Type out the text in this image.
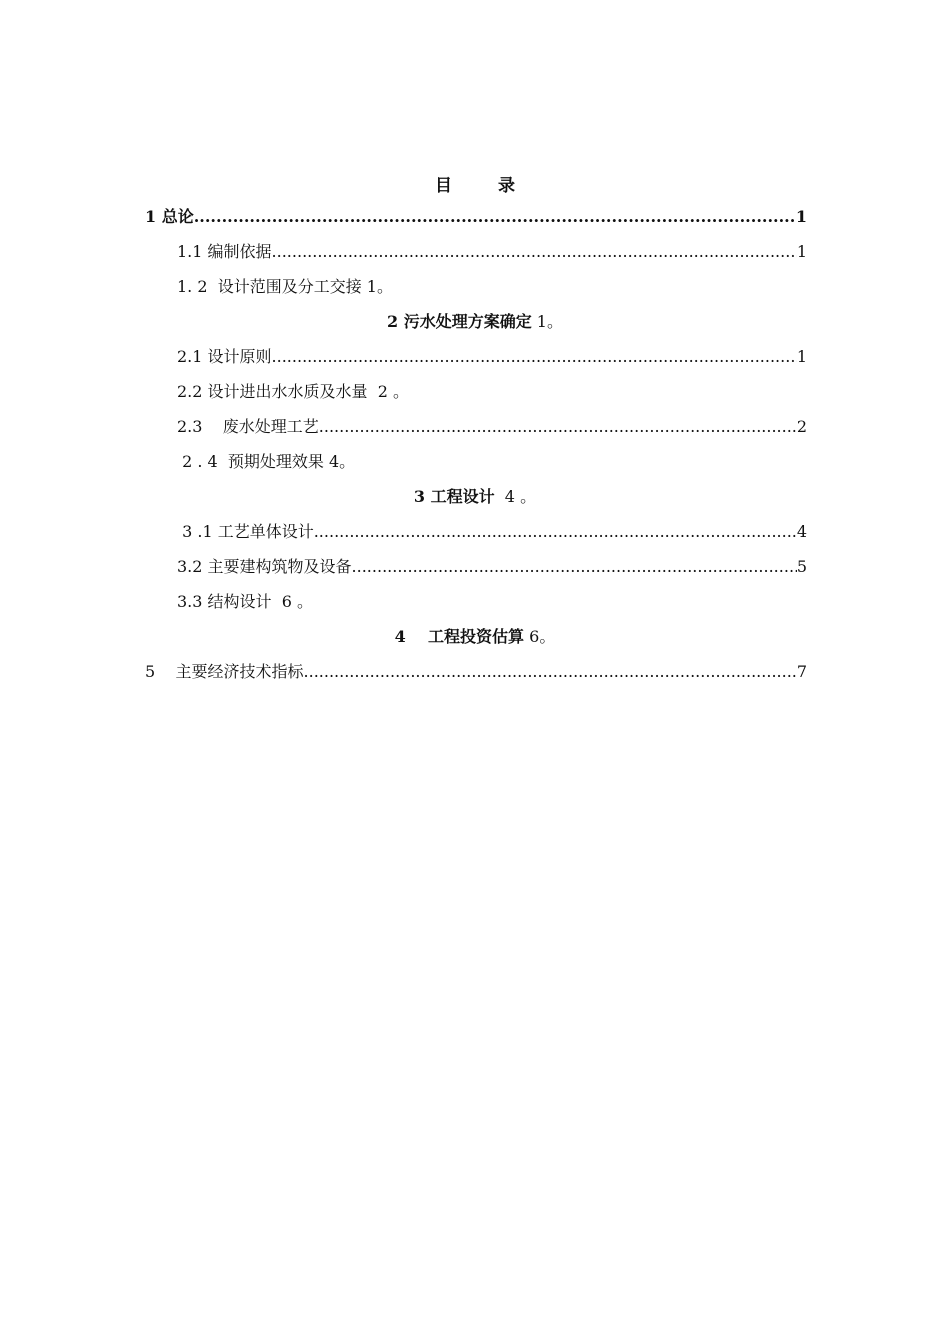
目	录
1 总论 .....	1
1.1 编制依据 .....	1
1. 2  设计范围及分工交接 1。
2 污水处理方案确定 1。
2.1 设计原则 .....	1
2.2 设计进出水水质及水量  2 。
2.3    废水处理工艺 .....	2
2 . 4  预期处理效果 4。
3 工程设计  4 。
3 .1 工艺单体设计 .....	4
3.2 主要建构筑物及设备 .....	5
3.3 结构设计  6 。
4    工程投资估算 6。
5    主要经济技术指标 .....	7
